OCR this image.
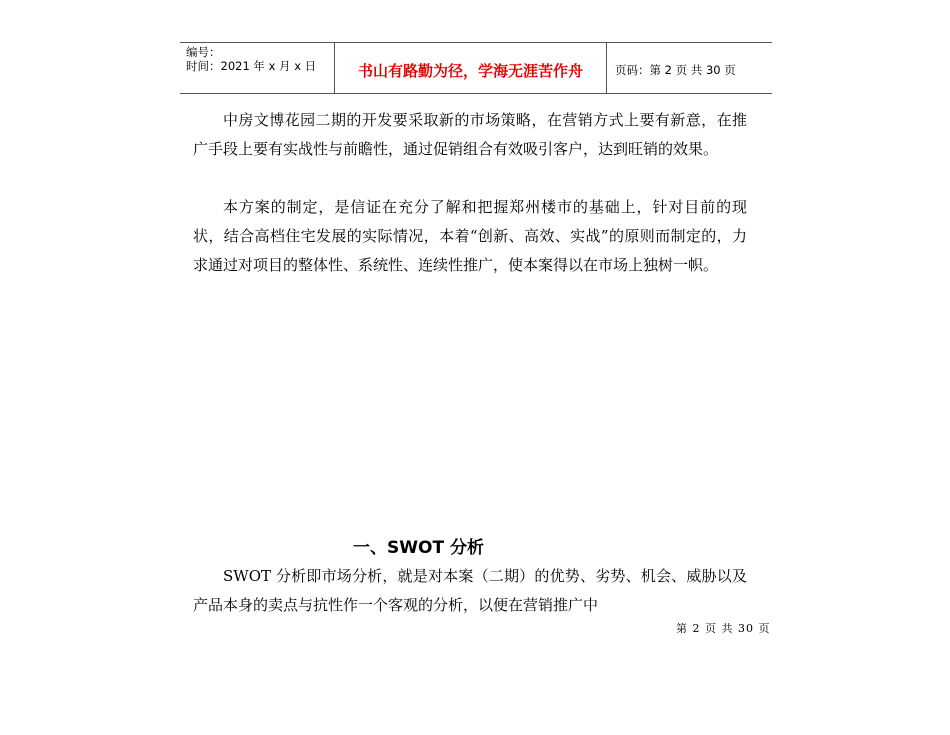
编号：
时间：2021 年 x 月 x 日	书山有路勤为径，学海无涯苦作舟	页码：第 2 页 共 30 页

中房文博花园二期的开发要采取新的市场策略，在营销方式上要有新意，在推广手段上要有实战性与前瞻性，通过促销组合有效吸引客户，达到旺销的效果。

本方案的制定，是信证在充分了解和把握郑州楼市的基础上，针对目前的现状，结合高档住宅发展的实际情况，本着“创新、高效、实战”的原则而制定的，力求通过对项目的整体性、系统性、连续性推广，使本案得以在市场上独树一帜。

一、SWOT 分析

SWOT 分析即市场分析，就是对本案（二期）的优势、劣势、机会、威胁以及产品本身的卖点与抗性作一个客观的分析，以便在营销推广中

第 2 页 共 30 页
